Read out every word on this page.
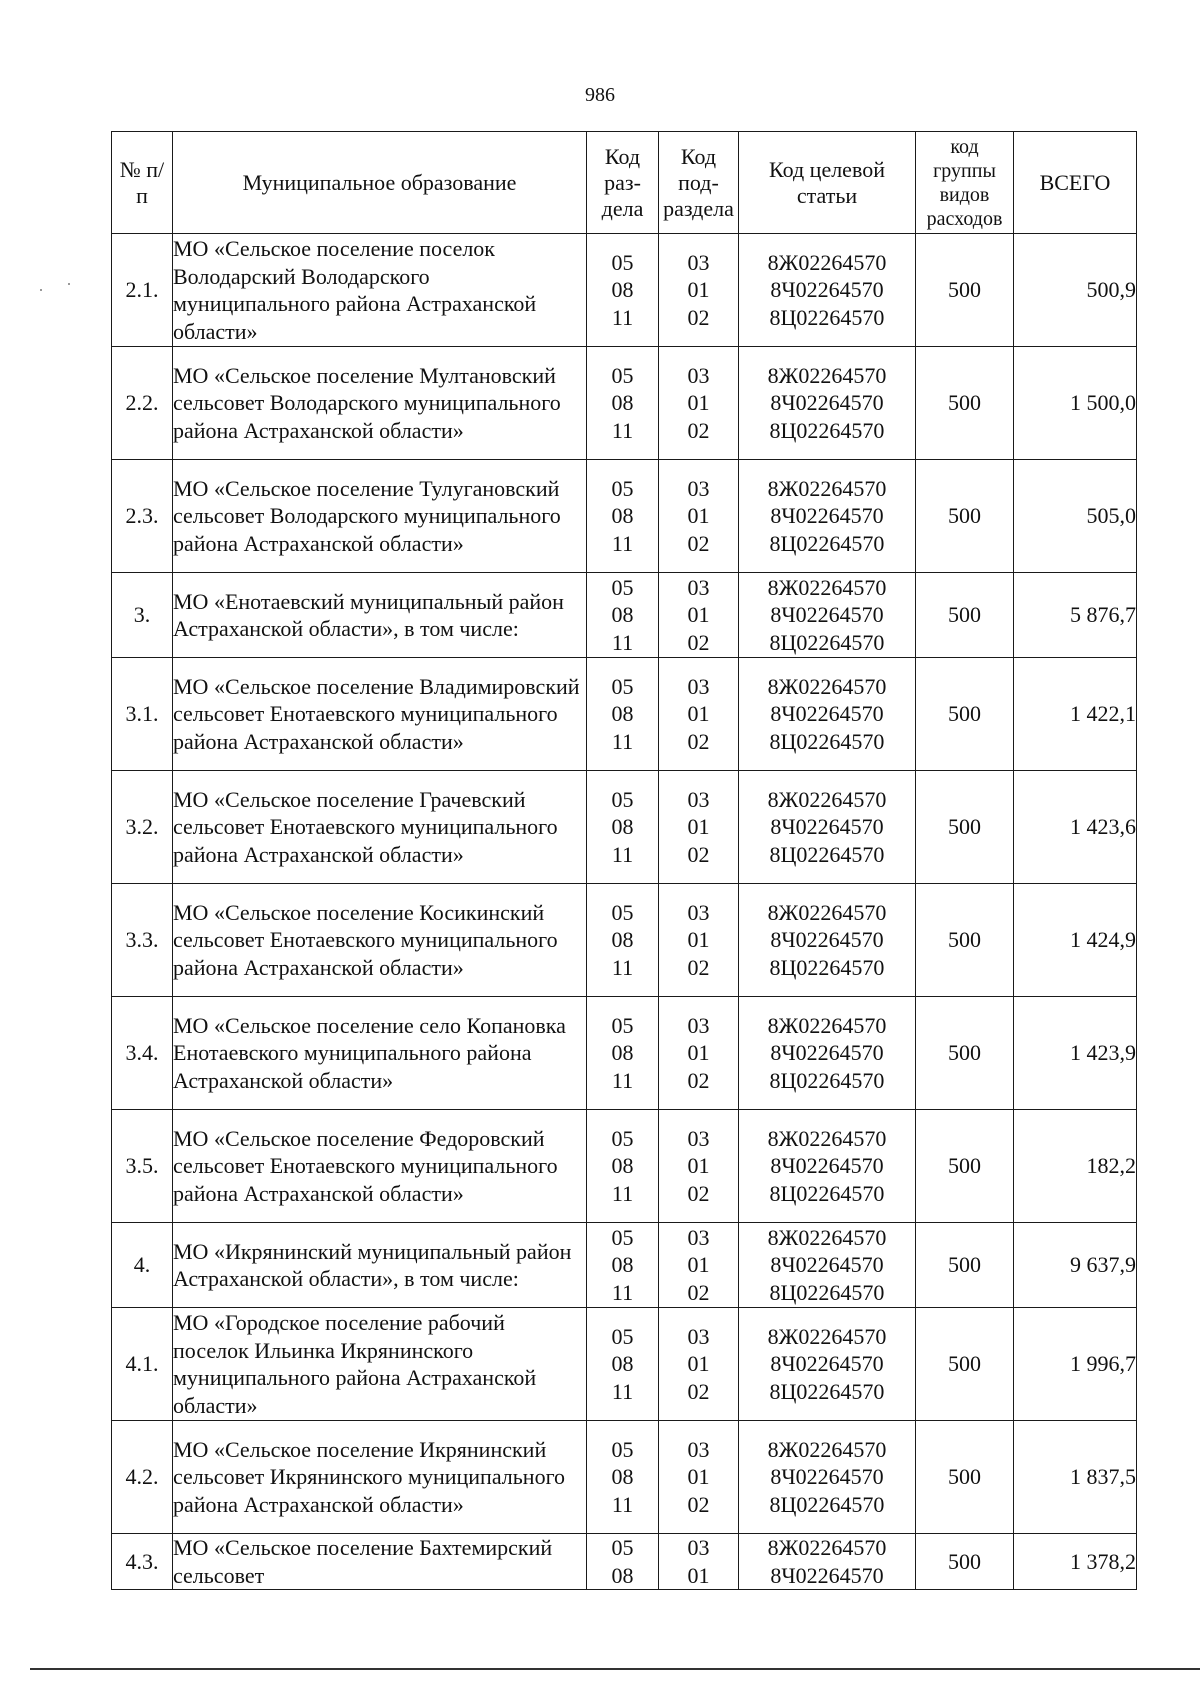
986
№ п/п	Муниципальное образование	Код раз- дела	Код под- раздела	Код целевой статьи	код группы видов расходов	ВСЕГО
2.1.	МО «Сельское поселение поселок Володарский Володарского муниципального района Астраханской области»	05
08
11	03
01
02	8Ж02264570
8Ч02264570
8Ц02264570	500	500,9
2.2.	МО «Сельское поселение Мултановский сельсовет Володарского муниципального района Астраханской области»	05
08
11	03
01
02	8Ж02264570
8Ч02264570
8Ц02264570	500	1 500,0
2.3.	МО «Сельское поселение Тулугановский сельсовет Володарского муниципального района Астраханской области»	05
08
11	03
01
02	8Ж02264570
8Ч02264570
8Ц02264570	500	505,0
3.	МО «Енотаевский муниципальный район Астраханской области», в том числе:	05
08
11	03
01
02	8Ж02264570
8Ч02264570
8Ц02264570	500	5 876,7
3.1.	МО «Сельское поселение Владимировский сельсовет Енотаевского муниципального района Астраханской области»	05
08
11	03
01
02	8Ж02264570
8Ч02264570
8Ц02264570	500	1 422,1
3.2.	МО «Сельское поселение Грачевский сельсовет Енотаевского муниципального района Астраханской области»	05
08
11	03
01
02	8Ж02264570
8Ч02264570
8Ц02264570	500	1 423,6
3.3.	МО «Сельское поселение Косикинский сельсовет Енотаевского муниципального района Астраханской области»	05
08
11	03
01
02	8Ж02264570
8Ч02264570
8Ц02264570	500	1 424,9
3.4.	МО «Сельское поселение село Копановка Енотаевского муниципального района Астраханской области»	05
08
11	03
01
02	8Ж02264570
8Ч02264570
8Ц02264570	500	1 423,9
3.5.	МО «Сельское поселение Федоровский сельсовет Енотаевского муниципального района Астраханской области»	05
08
11	03
01
02	8Ж02264570
8Ч02264570
8Ц02264570	500	182,2
4.	МО «Икрянинский муниципальный район Астраханской области», в том числе:	05
08
11	03
01
02	8Ж02264570
8Ч02264570
8Ц02264570	500	9 637,9
4.1.	МО «Городское поселение рабочий поселок Ильинка Икрянинского муниципального района Астраханской области»	05
08
11	03
01
02	8Ж02264570
8Ч02264570
8Ц02264570	500	1 996,7
4.2.	МО «Сельское поселение Икрянинский сельсовет Икрянинского муниципального района Астраханской области»	05
08
11	03
01
02	8Ж02264570
8Ч02264570
8Ц02264570	500	1 837,5
4.3.	МО «Сельское поселение Бахтемирский сельсовет	05
08	03
01	8Ж02264570
8Ч02264570	500	1 378,2
